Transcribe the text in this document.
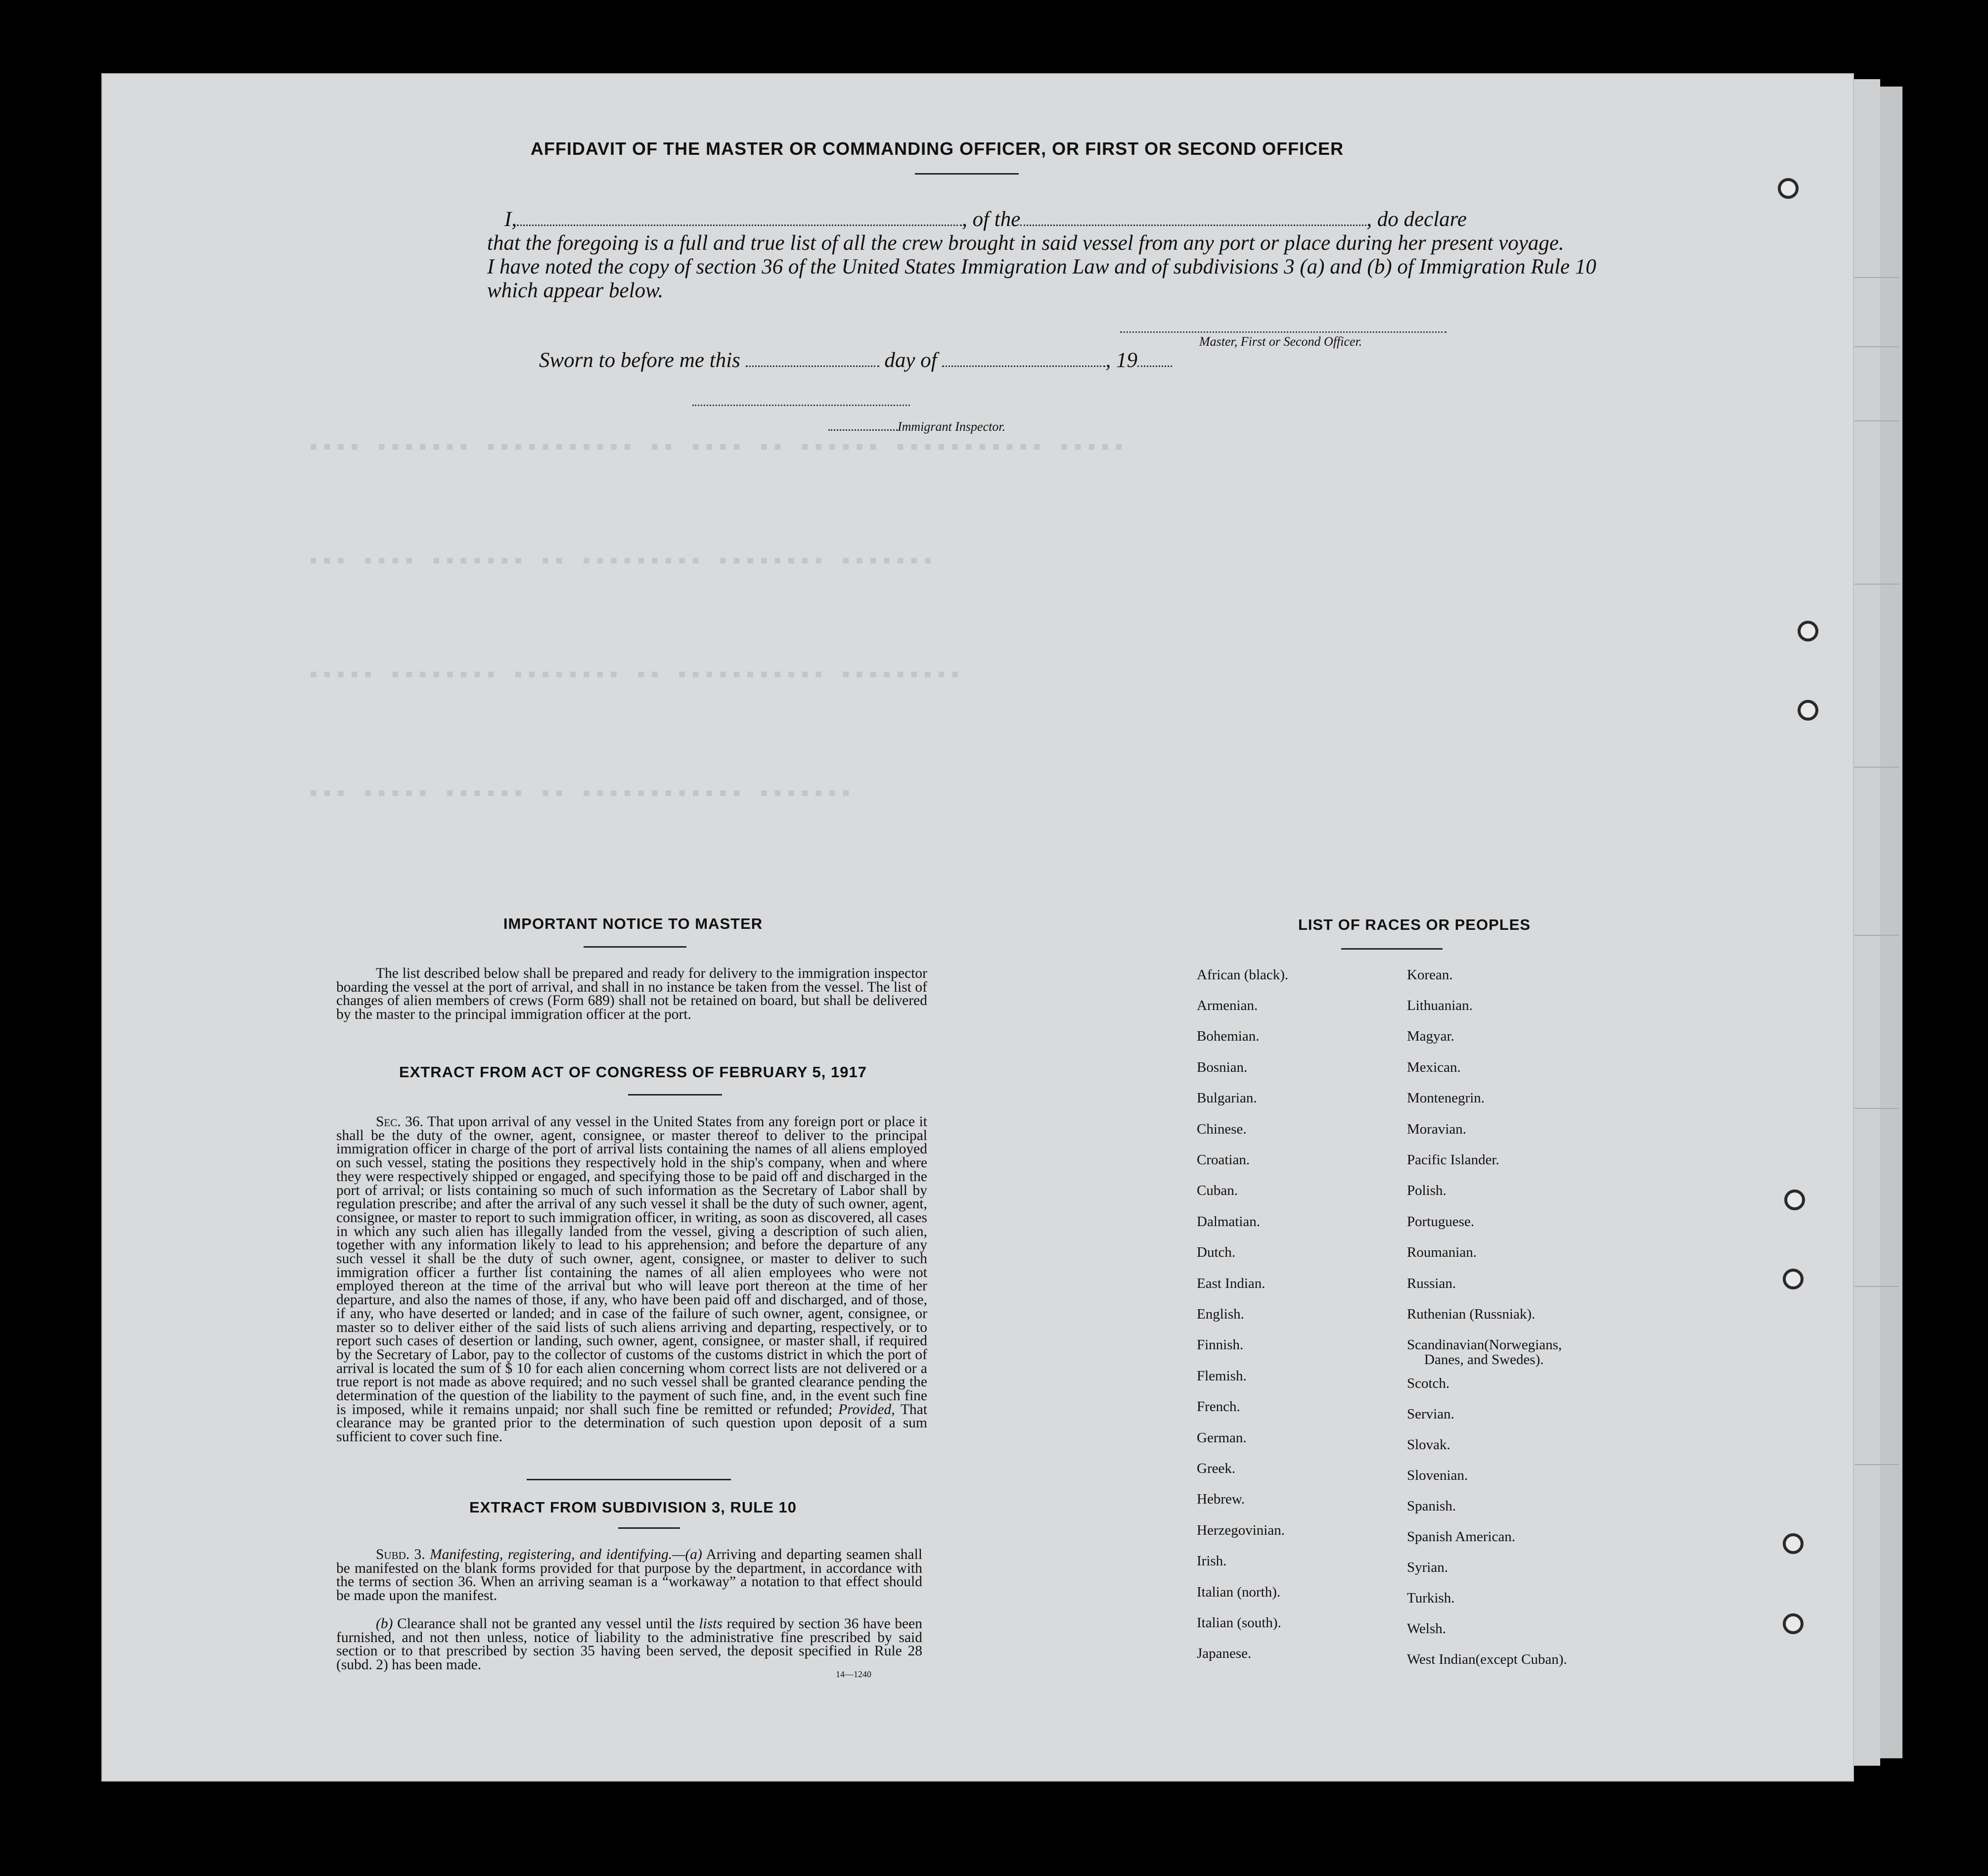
▪▪▪▪ ▪▪▪▪▪▪▪ ▪▪▪▪▪▪▪▪▪▪▪ ▪▪ ▪▪▪▪ ▪▪ ▪▪▪▪▪▪ ▪▪▪▪▪▪▪▪▪▪▪ ▪▪▪▪▪
▪▪▪ ▪▪▪▪ ▪▪▪▪▪▪▪ ▪▪ ▪▪▪▪▪▪▪▪▪ ▪▪▪▪▪▪▪▪ ▪▪▪▪▪▪▪
▪▪▪▪▪ ▪▪▪▪▪▪▪▪ ▪▪▪▪▪▪▪▪ ▪▪ ▪▪▪▪▪▪▪▪▪▪▪ ▪▪▪▪▪▪▪▪▪
▪▪▪ ▪▪▪▪▪ ▪▪▪▪▪▪ ▪▪ ▪▪▪▪▪▪▪▪▪▪▪▪ ▪▪▪▪▪▪▪
AFFIDAVIT OF THE MASTER OR COMMANDING OFFICER, OR FIRST OR SECOND OFFICER
I,	, of the	, do declare
that the foregoing is a full and true list of all the crew brought in said vessel from any port or place during her present voyage.
I have noted the copy of section 36 of the United States Immigration Law and of subdivisions 3 (a) and (b) of Immigration Rule 10
which appear below.
Master, First or Second Officer.
Sworn to before me this	day of	, 19
Immigrant Inspector.
IMPORTANT NOTICE TO MASTER
The list described below shall be prepared and ready for delivery to the immigration inspector boarding the vessel at the port of arrival, and shall in no instance be taken from the vessel. The list of changes of alien members of crews (Form 689) shall not be retained on board, but shall be delivered by the master to the principal immigration officer at the port.
EXTRACT FROM ACT OF CONGRESS OF FEBRUARY 5, 1917
Sec. 36. That upon arrival of any vessel in the United States from any foreign port or place it shall be the duty of the owner, agent, consignee, or master thereof to deliver to the principal immigration officer in charge of the port of arrival lists containing the names of all aliens employed on such vessel, stating the positions they respectively hold in the ship's company, when and where they were respectively shipped or engaged, and specifying those to be paid off and discharged in the port of arrival; or lists containing so much of such information as the Secretary of Labor shall by regulation prescribe; and after the arrival of any such vessel it shall be the duty of such owner, agent, consignee, or master to report to such immigration officer, in writing, as soon as discovered, all cases in which any such alien has illegally landed from the vessel, giving a description of such alien, together with any information likely to lead to his apprehension; and before the departure of any such vessel it shall be the duty of such owner, agent, consignee, or master to deliver to such immigration officer a further list containing the names of all alien employees who were not employed thereon at the time of the arrival but who will leave port thereon at the time of her departure, and also the names of those, if any, who have been paid off and discharged, and of those, if any, who have deserted or landed; and in case of the failure of such owner, agent, consignee, or master so to deliver either of the said lists of such aliens arriving and departing, respectively, or to report such cases of desertion or landing, such owner, agent, consignee, or master shall, if required by the Secretary of Labor, pay to the collector of customs of the customs district in which the port of arrival is located the sum of $ 10 for each alien concerning whom correct lists are not delivered or a true report is not made as above required; and no such vessel shall be granted clearance pending the determination of the question of the liability to the payment of such fine, and, in the event such fine is imposed, while it remains unpaid; nor shall such fine be remitted or refunded; Provided, That clearance may be granted prior to the determination of such question upon deposit of a sum sufficient to cover such fine.
EXTRACT FROM SUBDIVISION 3, RULE 10
Subd. 3. Manifesting, registering, and identifying.—(a) Arriving and departing seamen shall be manifested on the blank forms provided for that purpose by the department, in accordance with the terms of section 36. When an arriving seaman is a “workaway” a notation to that effect should be made upon the manifest.
(b) Clearance shall not be granted any vessel until the lists required by section 36 have been furnished, and not then unless, notice of liability to the administrative fine prescribed by said section or to that prescribed by section 35 having been served, the deposit specified in Rule 28 (subd. 2) has been made.
14—1240
LIST OF RACES OR PEOPLES
African (black).
Armenian.
Bohemian.
Bosnian.
Bulgarian.
Chinese.
Croatian.
Cuban.
Dalmatian.
Dutch.
East Indian.
English.
Finnish.
Flemish.
French.
German.
Greek.
Hebrew.
Herzegovinian.
Irish.
Italian (north).
Italian (south).
Japanese.
Korean.
Lithuanian.
Magyar.
Mexican.
Montenegrin.
Moravian.
Pacific Islander.
Polish.
Portuguese.
Roumanian.
Russian.
Ruthenian (Russniak).
Scandinavian(Norwegians,
Danes, and Swedes).
Scotch.
Servian.
Slovak.
Slovenian.
Spanish.
Spanish American.
Syrian.
Turkish.
Welsh.
West Indian(except Cuban).
